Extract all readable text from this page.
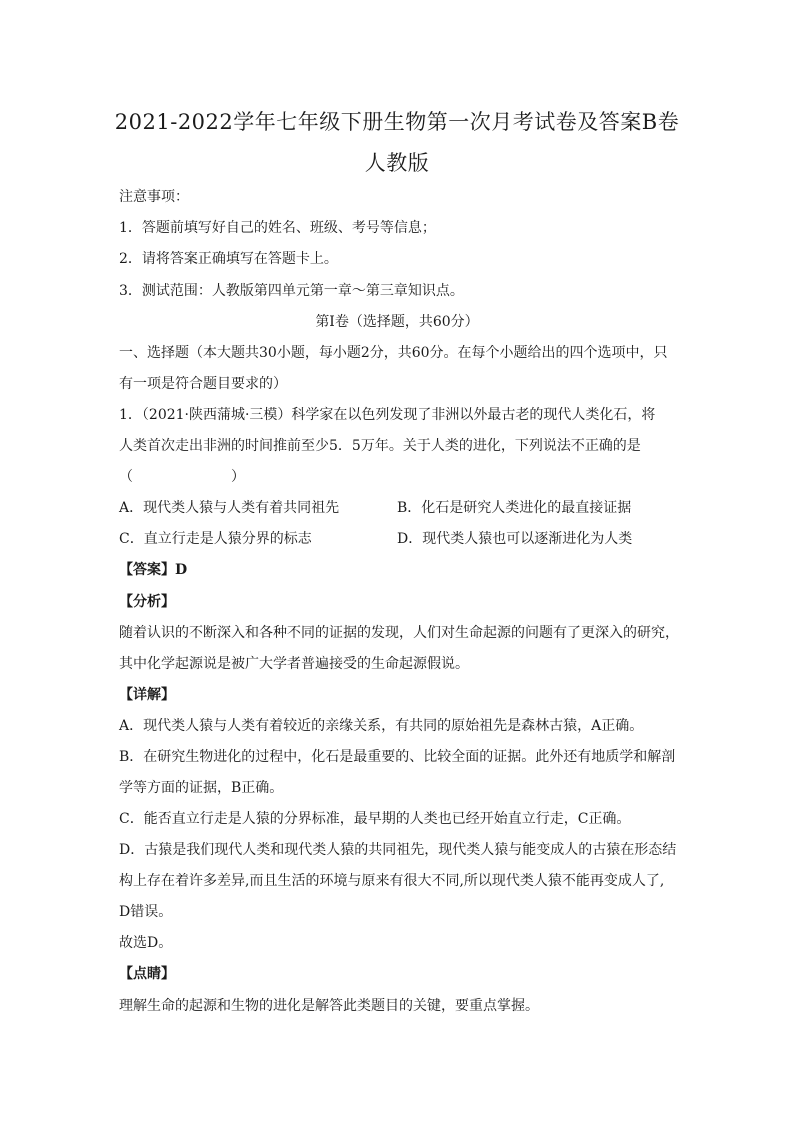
2021-2022学年七年级下册生物第一次月考试卷及答案B卷
人教版

注意事项：

1．答题前填写好自己的姓名、班级、考号等信息；

2．请将答案正确填写在答题卡上。

3．测试范围：人教版第四单元第一章～第三章知识点。

第I卷（选择题，共60分）

一、选择题（本大题共30小题，每小题2分，共60分。在每个小题给出的四个选项中，只

有一项是符合题目要求的）

1．（2021·陕西蒲城·三模）科学家在以色列发现了非洲以外最古老的现代人类化石，将

人类首次走出非洲的时间推前至少5．5万年。关于人类的进化，下列说法不正确的是

（　　　　　　　）

A．现代类人猿与人类有着共同祖先	B．化石是研究人类进化的最直接证据
C．直立行走是人猿分界的标志	D．现代类人猿也可以逐渐进化为人类

【答案】D

【分析】

随着认识的不断深入和各种不同的证据的发现，人们对生命起源的问题有了更深入的研究，

其中化学起源说是被广大学者普遍接受的生命起源假说。

【详解】

A．现代类人猿与人类有着较近的亲缘关系，有共同的原始祖先是森林古猿，A正确。

B．在研究生物进化的过程中，化石是最重要的、比较全面的证据。此外还有地质学和解剖

学等方面的证据，B正确。

C．能否直立行走是人猿的分界标准，最早期的人类也已经开始直立行走，C正确。

D．古猿是我们现代人类和现代类人猿的共同祖先，现代类人猿与能变成人的古猿在形态结

构上存在着许多差异,而且生活的环境与原来有很大不同,所以现代类人猿不能再变成人了,

D错误。

故选D。

【点睛】

理解生命的起源和生物的进化是解答此类题目的关键，要重点掌握。
